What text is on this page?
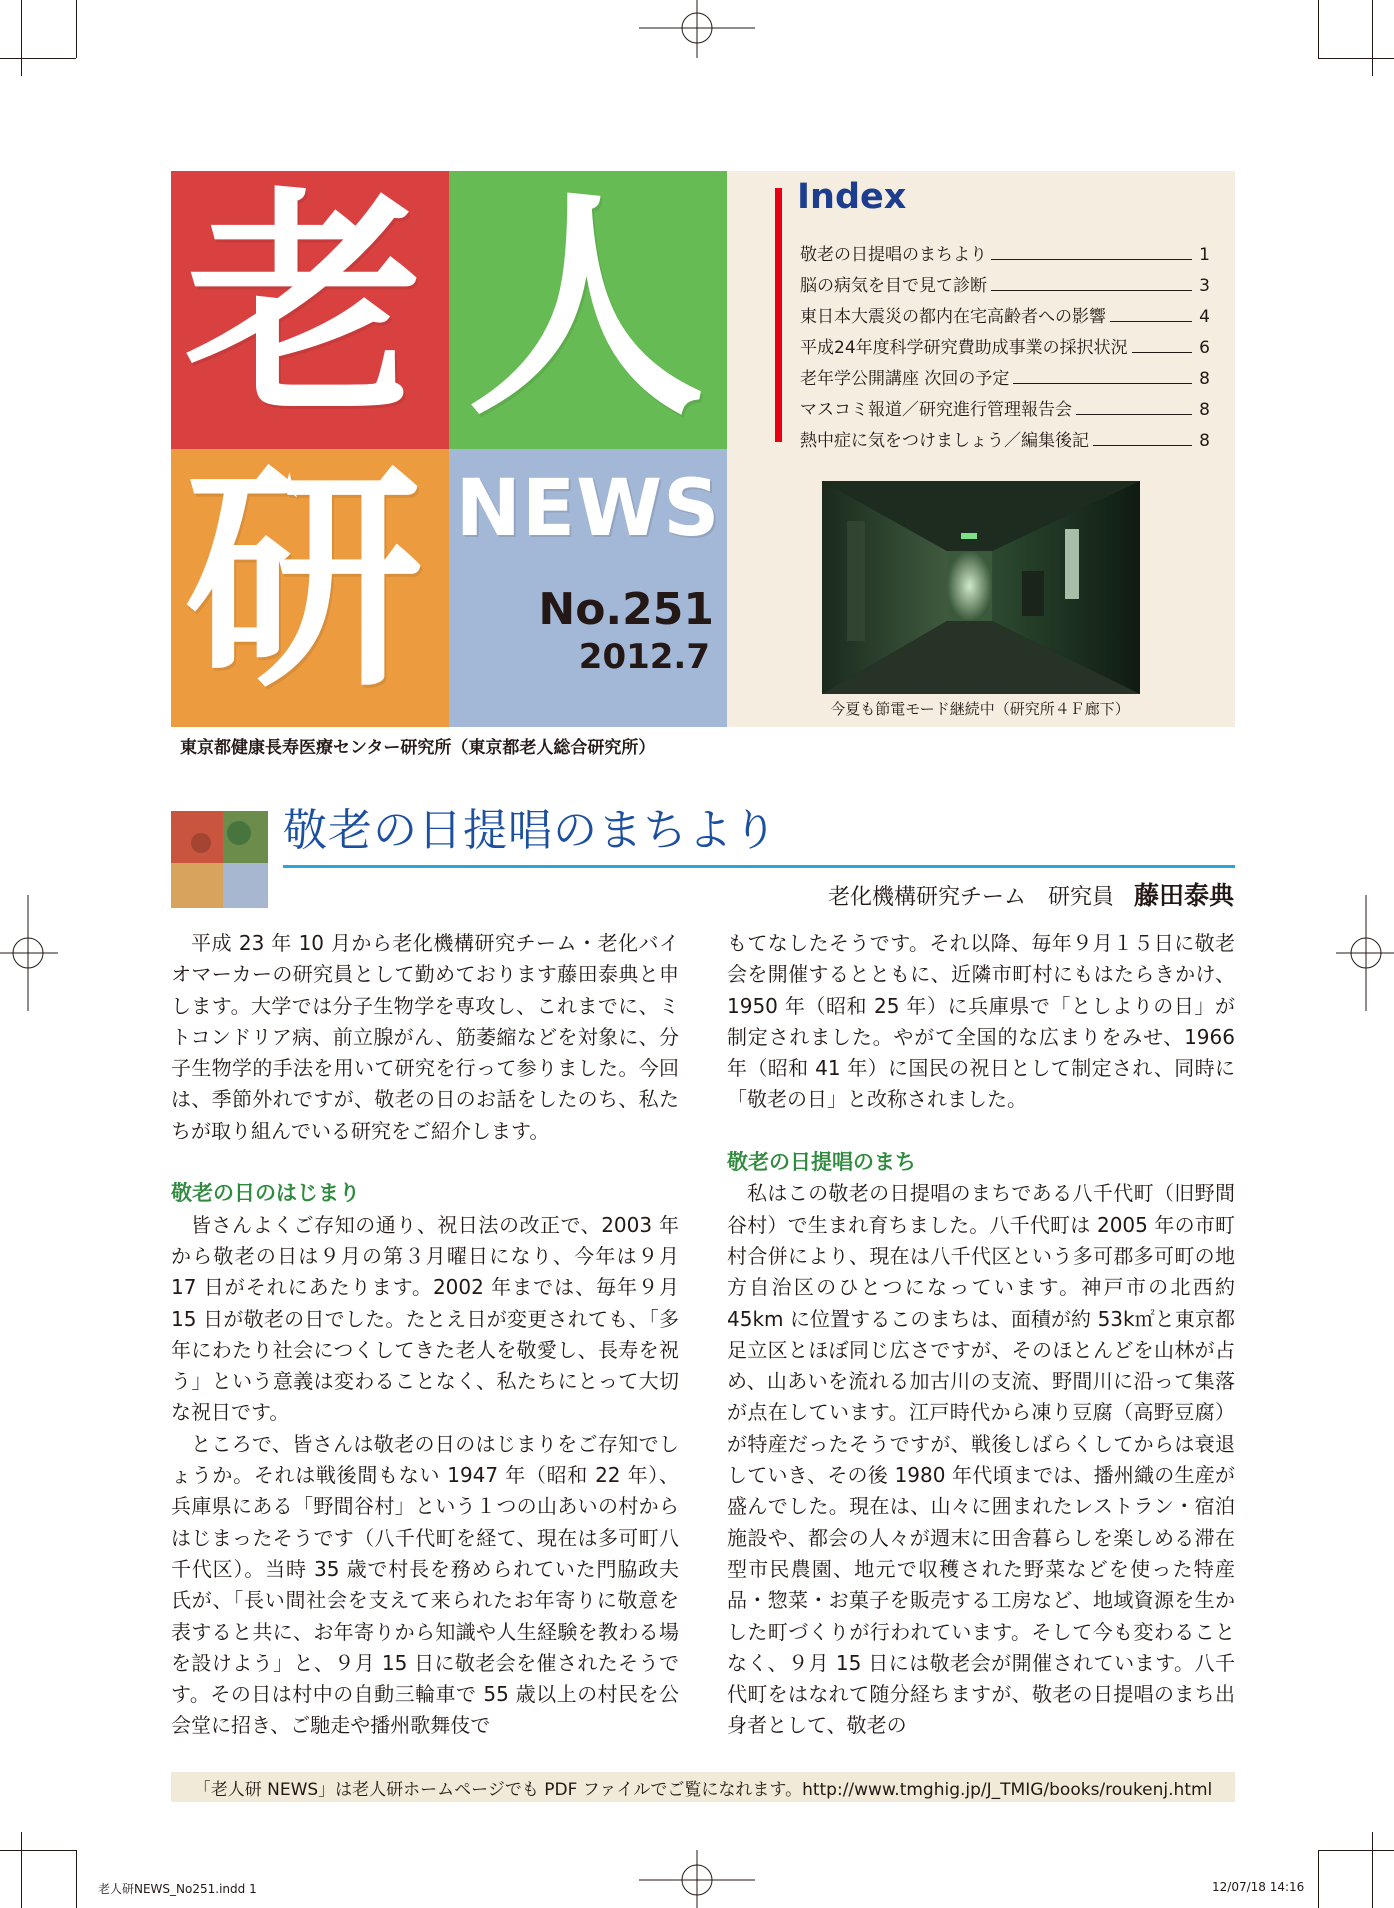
老 人
研 NEWS
No.251
2012.7
Index
敬老の日提唱のまちより	1
脳の病気を目で見て診断	3
東日本大震災の都内在宅高齢者への影響	4
平成24年度科学研究費助成事業の採択状況	6
老年学公開講座 次回の予定	8
マスコミ報道／研究進行管理報告会	8
熱中症に気をつけましょう／編集後記	8
今夏も節電モード継続中（研究所４Ｆ廊下）
東京都健康長寿医療センター研究所（東京都老人総合研究所）
敬老の日提唱のまちより
老化機構研究チーム　研究員 藤田泰典

平成 23 年 10 月から老化機構研究チーム・老化バイオマーカーの研究員として勤めております藤田泰典と申します。大学では分子生物学を専攻し、これまでに、ミトコンドリア病、前立腺がん、筋萎縮などを対象に、分子生物学的手法を用いて研究を行って参りました。今回は、季節外れですが、敬老の日のお話をしたのち、私たちが取り組んでいる研究をご紹介します。

敬老の日のはじまり

皆さんよくご存知の通り、祝日法の改正で、2003 年から敬老の日は９月の第３月曜日になり、今年は９月 17 日がそれにあたります。2002 年までは、毎年９月 15 日が敬老の日でした。たとえ日が変更されても、「多年にわたり社会につくしてきた老人を敬愛し、長寿を祝う」という意義は変わることなく、私たちにとって大切な祝日です。

ところで、皆さんは敬老の日のはじまりをご存知でしょうか。それは戦後間もない 1947 年（昭和 22 年）、兵庫県にある「野間谷村」という１つの山あいの村からはじまったそうです（八千代町を経て、現在は多可町八千代区）。当時 35 歳で村長を務められていた門脇政夫氏が、「長い間社会を支えて来られたお年寄りに敬意を表すると共に、お年寄りから知識や人生経験を教わる場を設けよう」と、９月 15 日に敬老会を催されたそうです。その日は村中の自動三輪車で 55 歳以上の村民を公会堂に招き、ご馳走や播州歌舞伎で

もてなしたそうです。それ以降、毎年９月１５日に敬老会を開催するとともに、近隣市町村にもはたらきかけ、1950 年（昭和 25 年）に兵庫県で「としよりの日」が制定されました。やがて全国的な広まりをみせ、1966 年（昭和 41 年）に国民の祝日として制定され、同時に「敬老の日」と改称されました。

敬老の日提唱のまち

私はこの敬老の日提唱のまちである八千代町（旧野間谷村）で生まれ育ちました。八千代町は 2005 年の市町村合併により、現在は八千代区という多可郡多可町の地方自治区のひとつになっています。神戸市の北西約 45km に位置するこのまちは、面積が約 53k㎡と東京都足立区とほぼ同じ広さですが、そのほとんどを山林が占め、山あいを流れる加古川の支流、野間川に沿って集落が点在しています。江戸時代から凍り豆腐（高野豆腐）が特産だったそうですが、戦後しばらくしてからは衰退していき、その後 1980 年代頃までは、播州織の生産が盛んでした。現在は、山々に囲まれたレストラン・宿泊施設や、都会の人々が週末に田舎暮らしを楽しめる滞在型市民農園、地元で収穫された野菜などを使った特産品・惣菜・お菓子を販売する工房など、地域資源を生かした町づくりが行われています。そして今も変わることなく、９月 15 日には敬老会が開催されています。八千代町をはなれて随分経ちますが、敬老の日提唱のまち出身者として、敬老の

「老人研 NEWS」は老人研ホームページでも PDF ファイルでご覧になれます。http://www.tmghig.jp/J_TMIG/books/roukenj.html
老人研NEWS_No251.indd 1	12/07/18 14:16
